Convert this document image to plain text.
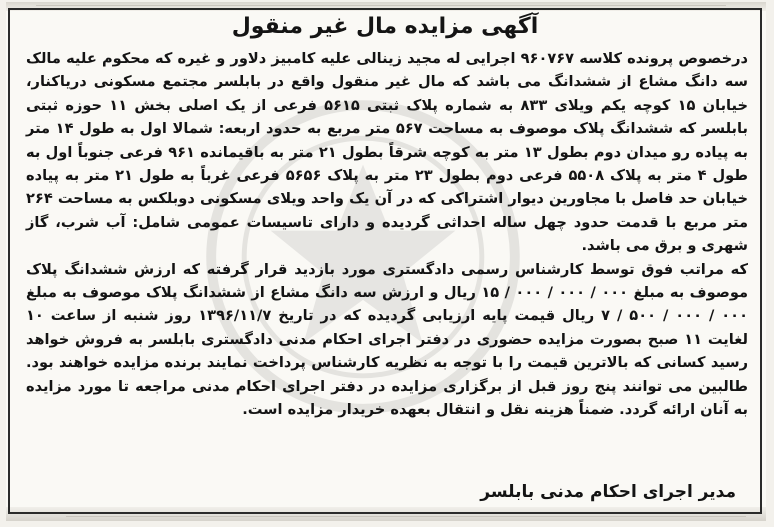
آگهی مزایده مال غیر منقول

درخصوص پرونده کلاسه ۹۶۰۷۶۷ اجرایی له مجید زینالی علیه کامبیز دلاور و غیره که محکوم علیه مالک سه دانگ مشاع از ششدانگ می باشد که مال غیر منقول واقع در بابلسر مجتمع مسکونی دریاکنار، خیابان ۱۵ کوچه یکم ویلای ۸۳۳ به شماره پلاک ثبتی ۵۶۱۵ فرعی از یک اصلی بخش ۱۱ حوزه ثبتی بابلسر که ششدانگ پلاک موصوف به مساحت ۵۶۷ متر مربع به حدود اربعه: شمالا اول به طول ۱۴ متر به پیاده رو میدان دوم بطول ۱۳ متر به کوچه شرقاً بطول ۲۱ متر به باقیمانده ۹۶۱ فرعی جنوباً اول به طول ۴ متر به پلاک ۵۵۰۸ فرعی دوم بطول ۲۳ متر به پلاک ۵۶۵۶ فرعی غرباً به طول ۲۱ متر به پیاده خیابان حد فاصل با مجاورین دیوار اشتراکی که در آن یک واحد ویلای مسکونی دوبلکس به مساحت ۲۶۴ متر مربع با قدمت حدود چهل ساله احداثی گردیده و دارای تاسیسات عمومی شامل: آب شرب، گاز شهری و برق می باشد.

که مراتب فوق توسط کارشناس رسمی دادگستری مورد بازدید قرار گرفته که ارزش ششدانگ پلاک موصوف به مبلغ ۰۰۰ / ۰۰۰ / ۰۰۰ / ۱۵ ریال و ارزش سه دانگ مشاع از ششدانگ پلاک موصوف به مبلغ ۰۰۰ / ۰۰۰ / ۵۰۰ / ۷ ریال قیمت پایه ارزیابی گردیده که در تاریخ ۱۳۹۶/۱۱/۷ روز شنبه از ساعت ۱۰ لغایت ۱۱ صبح بصورت مزایده حضوری در دفتر اجرای احکام مدنی دادگستری بابلسر به فروش خواهد رسید کسانی که بالاترین قیمت را با توجه به نظریه کارشناس پرداخت نمایند برنده مزایده خواهند بود. طالبین می توانند پنج روز قبل از برگزاری مزایده در دفتر اجرای احکام مدنی مراجعه تا مورد مزایده به آنان ارائه گردد. ضمناً هزینه نقل و انتقال بعهده خریدار مزایده است.

مدیر اجرای احکام مدنی بابلسر
